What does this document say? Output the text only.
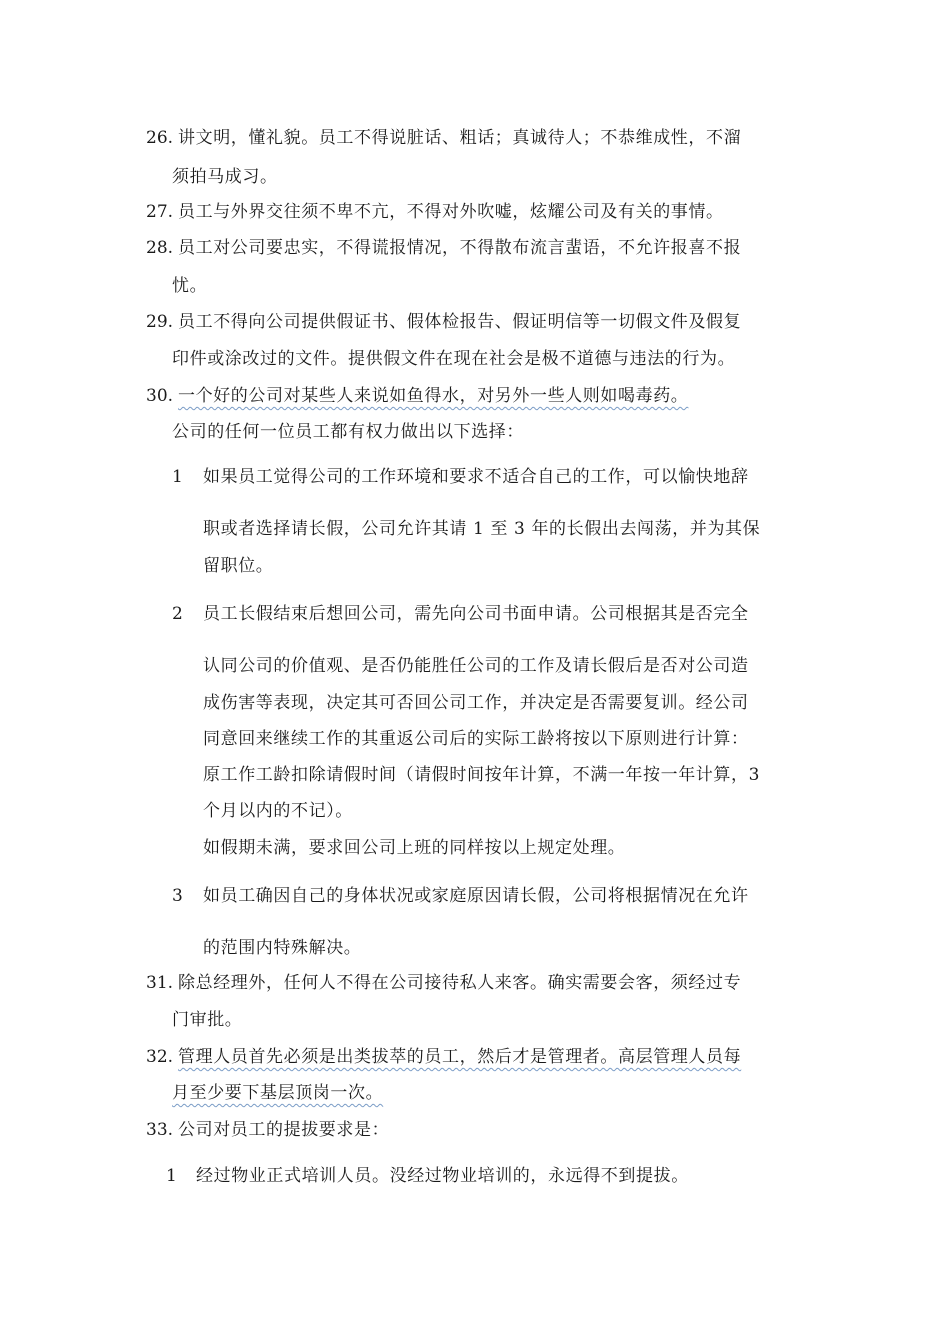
26. 讲文明，懂礼貌。员工不得说脏话、粗话；真诚待人；不恭维成性，不溜
须拍马成习。
27. 员工与外界交往须不卑不亢，不得对外吹嘘，炫耀公司及有关的事情。
28. 员工对公司要忠实，不得谎报情况，不得散布流言蜚语，不允许报喜不报
忧。
29. 员工不得向公司提供假证书、假体检报告、假证明信等一切假文件及假复
印件或涂改过的文件。提供假文件在现在社会是极不道德与违法的行为。
30. 一个好的公司对某些人来说如鱼得水，对另外一些人则如喝毒药。
公司的任何一位员工都有权力做出以下选择：
1 如果员工觉得公司的工作环境和要求不适合自己的工作，可以愉快地辞
职或者选择请长假，公司允许其请 1 至 3 年的长假出去闯荡，并为其保
留职位。
2 员工长假结束后想回公司，需先向公司书面申请。公司根据其是否完全
认同公司的价值观、是否仍能胜任公司的工作及请长假后是否对公司造
成伤害等表现，决定其可否回公司工作，并决定是否需要复训。经公司
同意回来继续工作的其重返公司后的实际工龄将按以下原则进行计算：
原工作工龄扣除请假时间（请假时间按年计算，不满一年按一年计算，3
个月以内的不记）。
如假期未满，要求回公司上班的同样按以上规定处理。
3 如员工确因自己的身体状况或家庭原因请长假，公司将根据情况在允许
的范围内特殊解决。
31. 除总经理外，任何人不得在公司接待私人来客。确实需要会客，须经过专
门审批。
32. 管理人员首先必须是出类拔萃的员工，然后才是管理者。高层管理人员每
月至少要下基层顶岗一次。
33. 公司对员工的提拔要求是：
1 经过物业正式培训人员。没经过物业培训的，永远得不到提拔。
